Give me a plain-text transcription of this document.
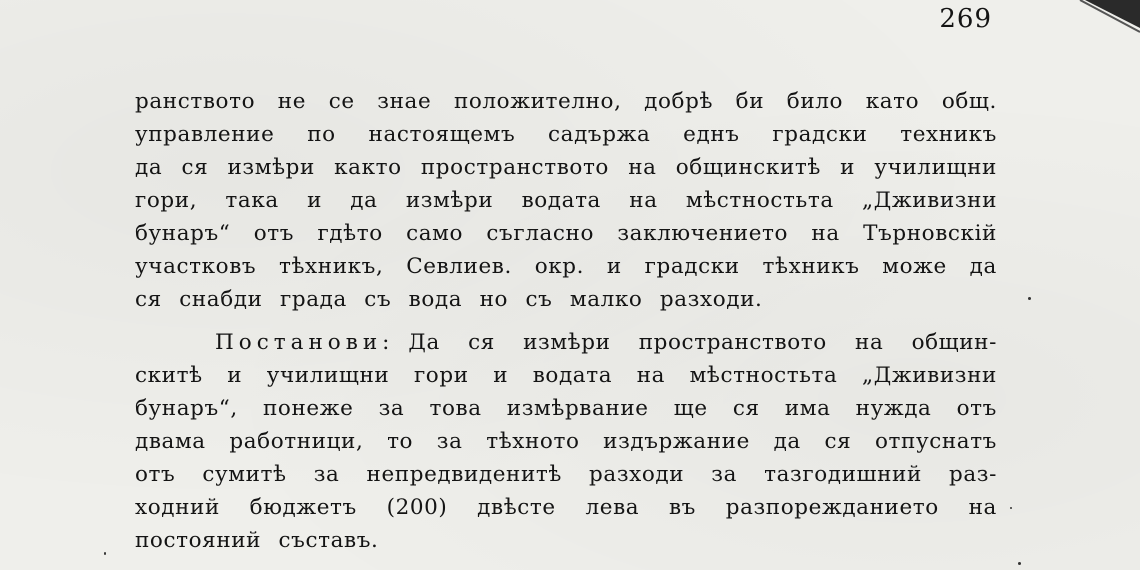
269
ранството не се знае положително, добрѣ би било като общ.
управление по настоящемъ садържа еднъ градски техникъ
да ся измѣри както пространството на общинскитѣ и училищни
гори, така и да измѣри водата на мѣстностьта „Дживизни
бунаръ“ отъ гдѣто само съгласно заключението на Търновскій
участковъ тѣхникъ, Севлиев. окр. и градски тѣхникъ може да
ся снабди града съ вода но съ малко разходи.
Постанови: Да ся измѣри пространството на общин-
скитѣ и училищни гори и водата на мѣстностьта „Дживизни
бунаръ“, понеже за това измѣрвание ще ся има нужда отъ
двама работници, то за тѣхното издържание да ся отпуснатъ
отъ сумитѣ за непредвиденитѣ разходи за тазгодишний раз-
ходний бюджетъ (200) двѣсте лева въ разпорежданието на
постояний съставъ.
